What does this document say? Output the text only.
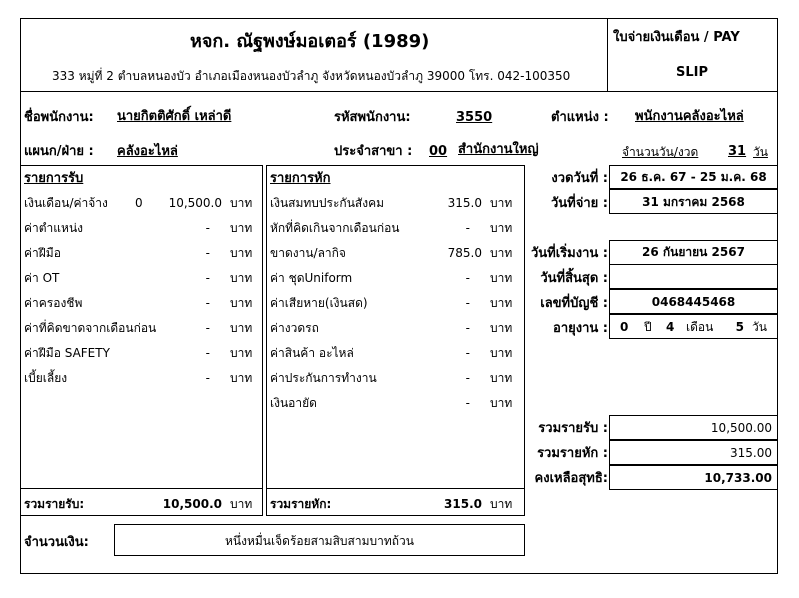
หจก. ณัฐพงษ์มอเตอร์ (1989)
333 หมู่ที่ 2 ตำบลหนองบัว อำเภอเมืองหนองบัวลำภู จังหวัดหนองบัวลำภู 39000 โทร. 042-100350
ใบจ่ายเงินเดือน / PAY
SLIP
ชื่อพนักงาน: นายกิตติศักดิ์ เหล่าดี	รหัสพนักงาน:	3550	ตำแหน่ง : พนักงานคลังอะไหล่
แผนก/ฝ่าย : คลังอะไหล่	ประจำสาขา : 00 สำนักงานใหญ่	จำนวนวัน/งวด 31 วัน
รายการรับ	รายการหัก
เงินเดือน/ค่าจ้าง 0	10,500.0 บาท
ค่าตำแหน่ง	- บาท
ค่าฝีมือ	- บาท
ค่า OT	- บาท
ค่าครองชีพ	- บาท
ค่าที่คิดขาดจากเดือนก่อน	- บาท
ค่าฝีมือ SAFETY	- บาท
เบี้ยเลี้ยง	- บาท
เงินสมทบประกันสังคม	315.0 บาท
หักที่คิดเกินจากเดือนก่อน	- บาท
ขาดงาน/ลากิจ	785.0 บาท
ค่า ชุดUniform	- บาท
ค่าเสียหาย(เงินสด)	- บาท
ค่างวดรถ	- บาท
ค่าสินค้า อะไหล่	- บาท
ค่าประกันการทำงาน	- บาท
เงินอายัด	- บาท
รวมรายรับ:	10,500.0 บาท รวมรายหัก:	315.0 บาท
งวดวันที่ :	26 ธ.ค. 67 - 25 ม.ค. 68
วันที่จ่าย :	31 มกราคม 2568
วันที่เริ่มงาน :	26 กันยายน 2567
วันที่สิ้นสุด :
เลขที่บัญชี :	0468445468
อายุงาน : 0 ปี 4 เดือน	5 วัน
รวมรายรับ :	10,500.00
รวมรายหัก :	315.00
คงเหลือสุทธิ:	10,733.00
จำนวนเงิน:	หนึ่งหมื่นเจ็ดร้อยสามสิบสามบาทถ้วน
